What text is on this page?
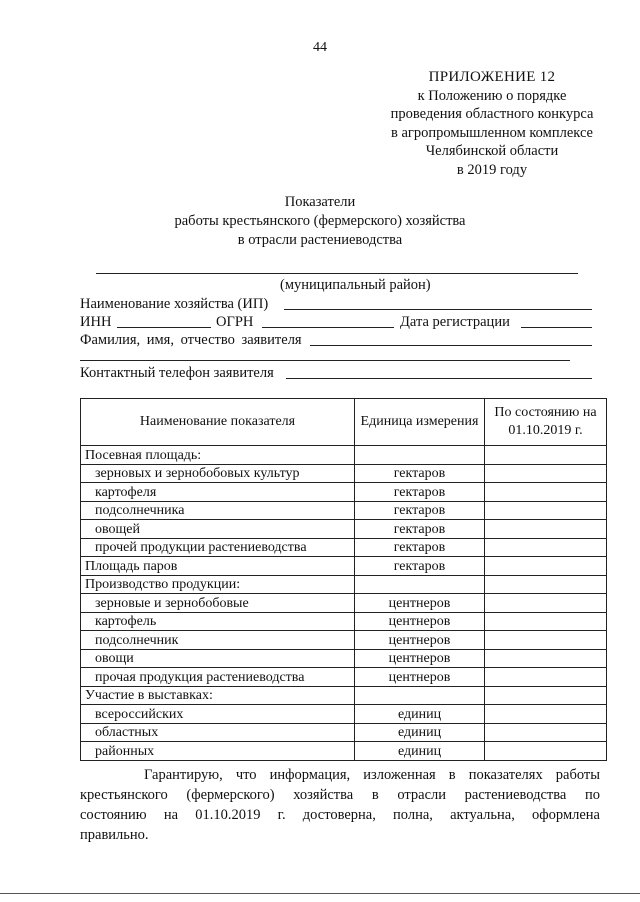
44
ПРИЛОЖЕНИЕ 12
к Положению о порядке
проведения областного конкурса
в агропромышленном комплексе
Челябинской области
в 2019 году
Показатели
работы крестьянского (фермерского) хозяйства
в отрасли растениеводства
(муниципальный район)
Наименование хозяйства (ИП)
ИНН	ОГРН	Дата регистрации
Фамилия, имя, отчество заявителя
Контактный телефон заявителя
Наименование показателя	Единица измерения	По состоянию на 01.10.2019 г.
Посевная площадь:		
зерновых и зернобобовых культур	гектаров	
картофеля	гектаров	
подсолнечника	гектаров	
овощей	гектаров	
прочей продукции растениеводства	гектаров	
Площадь паров	гектаров	
Производство продукции:		
зерновые и зернобобовые	центнеров	
картофель	центнеров	
подсолнечник	центнеров	
овощи	центнеров	
прочая продукция растениеводства	центнеров	
Участие в выставках:		
всероссийских	единиц	
областных	единиц	
районных	единиц	
Гарантирую, что информация, изложенная в показателях работы
крестьянского (фермерского) хозяйства в отрасли растениеводства по
состоянию на 01.10.2019 г. достоверна, полна, актуальна, оформлена
правильно.
